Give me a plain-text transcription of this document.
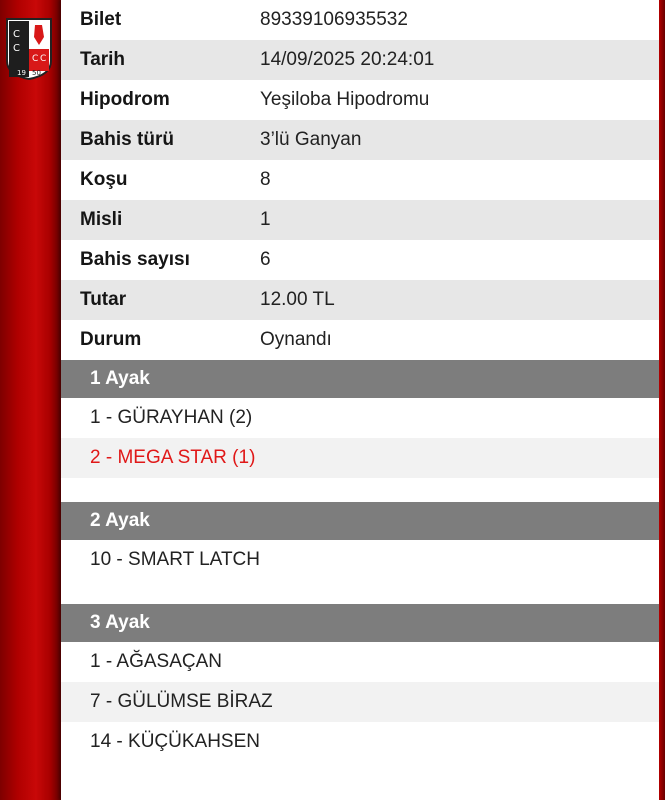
C
C
C C
19 50
Bilet	89339106935532
Tarih	14/09/2025 20:24:01
Hipodrom	Yeşiloba Hipodromu
Bahis türü	3’lü Ganyan
Koşu	8
Misli	1
Bahis sayısı	6
Tutar	12.00 TL
Durum	Oynandı
1 Ayak
1 - GÜRAYHAN (2)
2 - MEGA STAR (1)
2 Ayak
10 - SMART LATCH
3 Ayak
1 - AĞASAÇAN
7 - GÜLÜMSE BİRAZ
14 - KÜÇÜKAHSEN
